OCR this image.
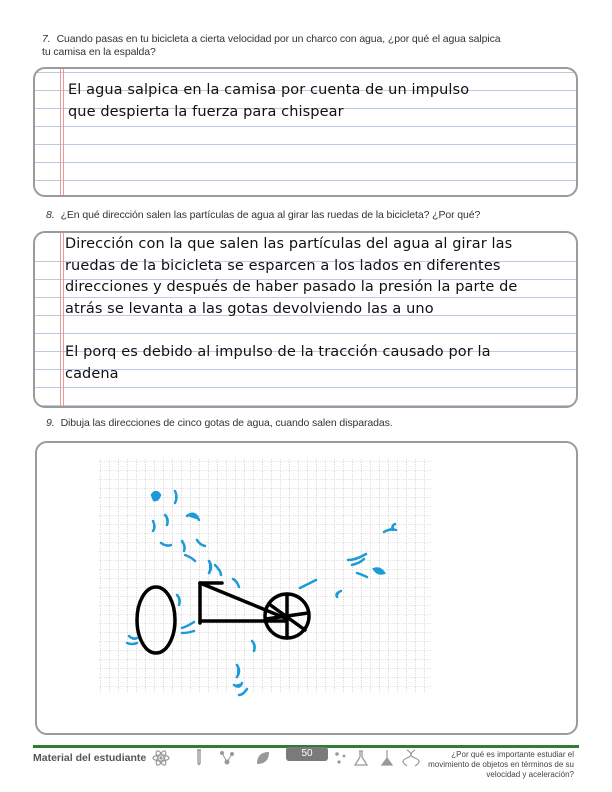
7. Cuando pasas en tu bicicleta a cierta velocidad por un charco con agua, ¿por qué el agua salpica
tu camisa en la espalda?
El agua salpica en la camisa por cuenta de un impulso
que despierta la fuerza para chispear
8. ¿En qué dirección salen las partículas de agua al girar las ruedas de la bicicleta? ¿Por qué?
Dirección con la que salen las partículas del agua al girar las
ruedas de la bicicleta se esparcen a los lados en diferentes
direcciones y después de haber pasado la presión la parte de
atrás se levanta a las gotas devolviendo las a uno
El porq es debido al impulso de la tracción causado por la
cadena
9. Dibuja las direcciones de cinco gotas de agua, cuando salen disparadas.
Material del estudiante	50	¿Por qué es importante estudiar el movimiento de objetos en términos de su velocidad y aceleración?
